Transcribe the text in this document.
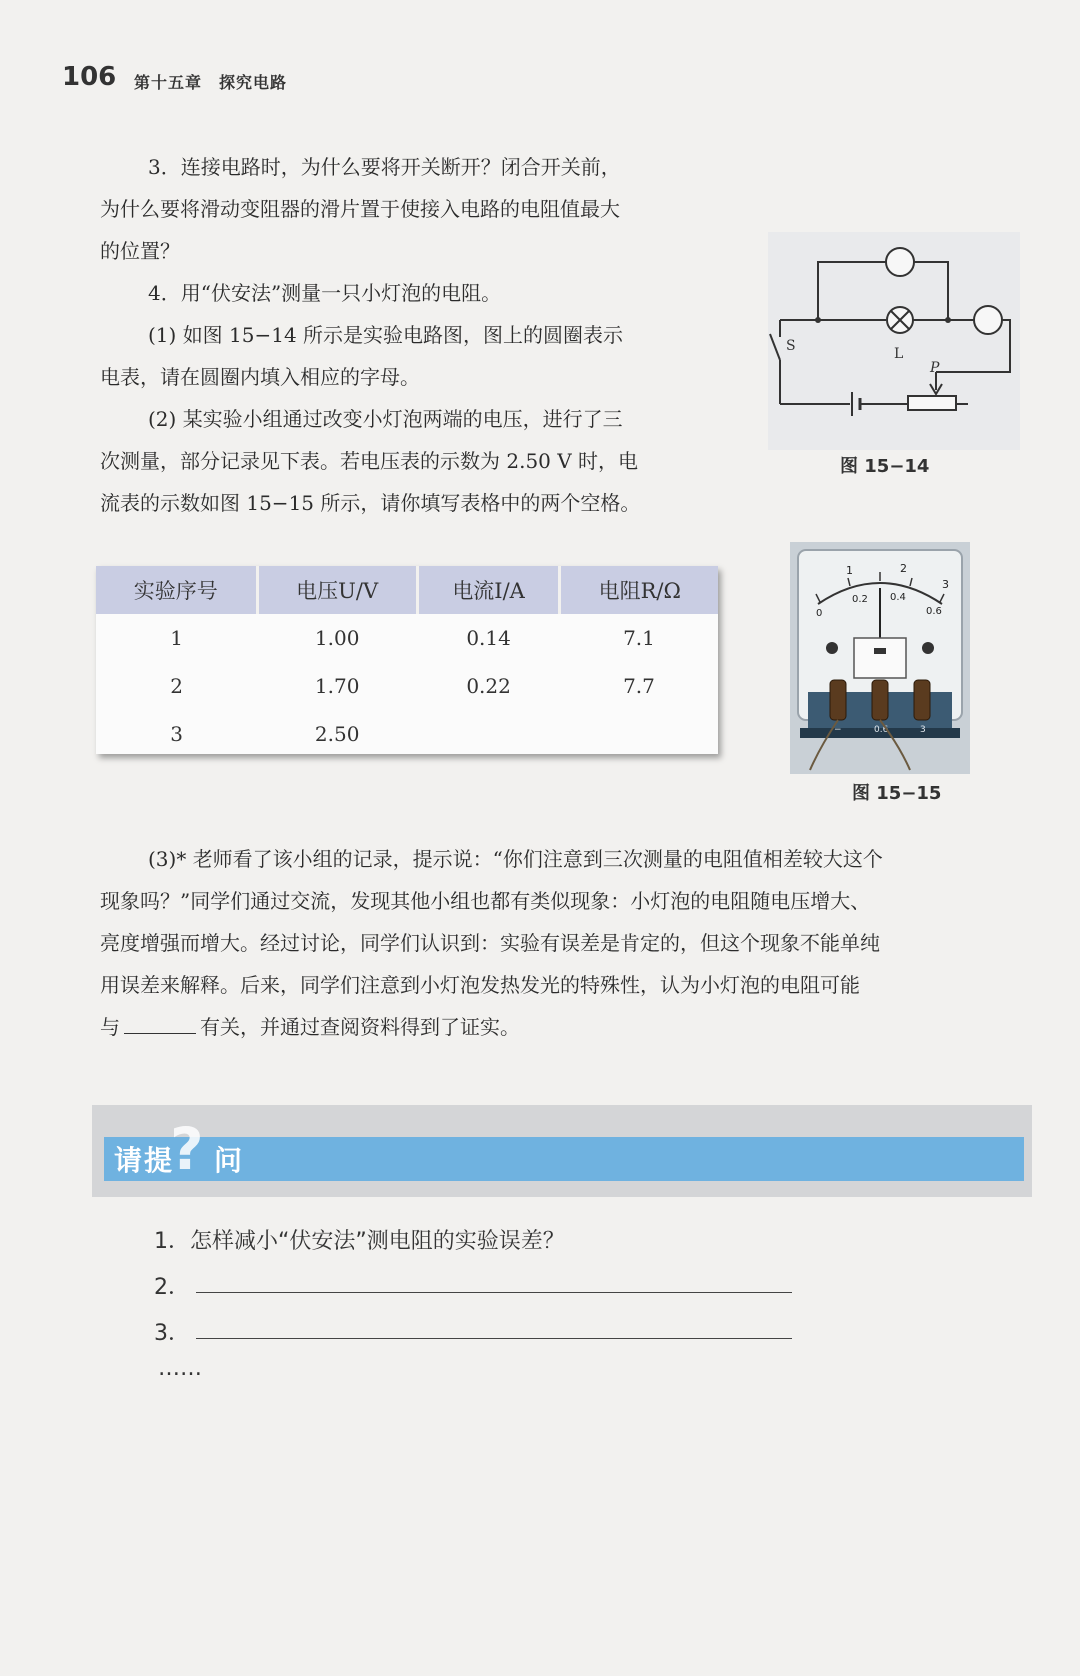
106 第十五章　探究电路

3．连接电路时，为什么要将开关断开？闭合开关前，

为什么要将滑动变阻器的滑片置于使接入电路的电阻值最大

的位置？

4．用“伏安法”测量一只小灯泡的电阻。

(1) 如图 15−14 所示是实验电路图，图上的圆圈表示

电表，请在圆圈内填入相应的字母。

(2) 某实验小组通过改变小灯泡两端的电压，进行了三

次测量，部分记录见下表。若电压表的示数为 2.50 V 时，电

流表的示数如图 15−15 所示，请你填写表格中的两个空格。

L
S
P
图 15−14
实验序号	电压U/V	电流I/A	电阻R/Ω
1	1.00	0.14	7.1
2	1.70	0.22	7.7
3	2.50		
1	2
3
0
0.2 0.4
0.6
−	0.6	3
图 15−15

(3)* 老师看了该小组的记录，提示说：“你们注意到三次测量的电阻值相差较大这个

现象吗？”同学们通过交流，发现其他小组也都有类似现象：小灯泡的电阻随电压增大、

亮度增强而增大。经过讨论，同学们认识到：实验有误差是肯定的，但这个现象不能单纯

用误差来解释。后来，同学们注意到小灯泡发热发光的特殊性，认为小灯泡的电阻可能

与	有关，并通过查阅资料得到了证实。

请提 问
?
1．怎样减小“伏安法”测电阻的实验误差？
2．
3．
……
